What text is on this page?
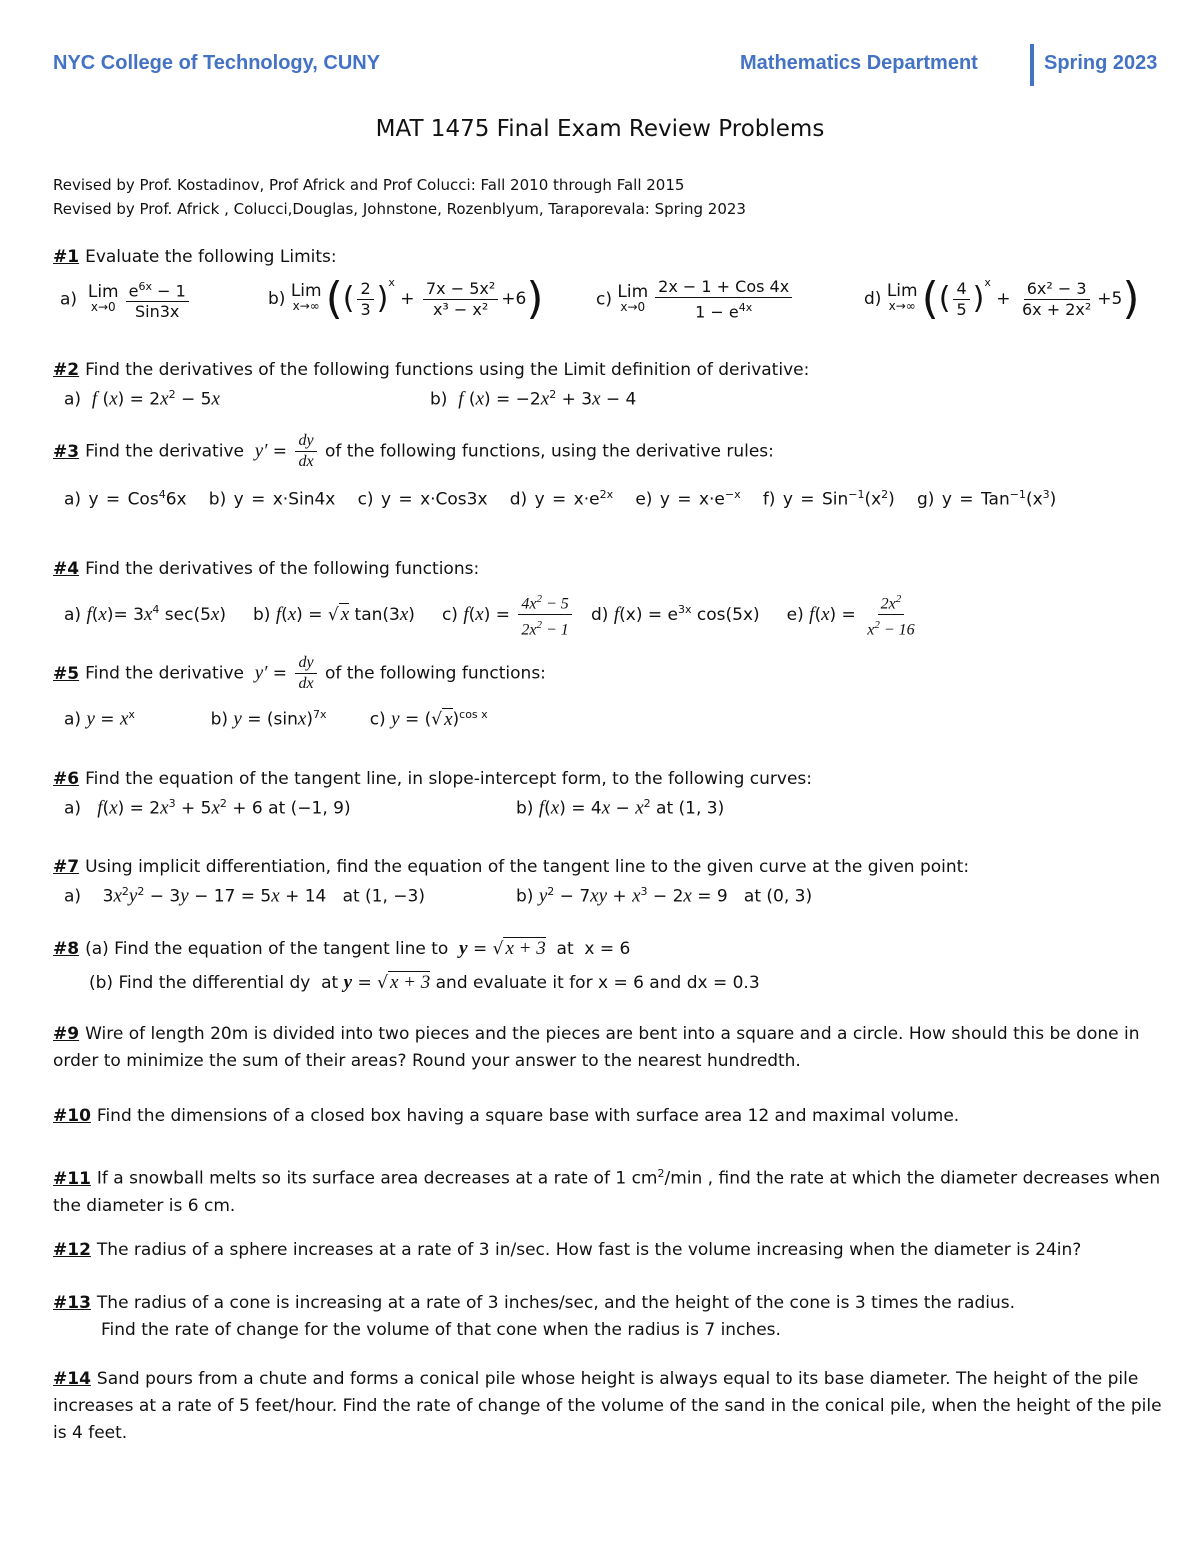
NYC College of Technology, CUNY	Mathematics Department	Spring 2023
MAT 1475 Final Exam Review Problems
Revised by Prof. Kostadinov, Prof Africk and Prof Colucci: Fall 2010 through Fall 2015
Revised by Prof. Africk , Colucci,Douglas, Johnstone, Rozenblyum, Taraporevala: Spring 2023
#1 Evaluate the following Limits:
a) Lim
$x\to 0 \frac{e^{6x} - 1}{\text{Sin3x}}$	b) Lim
x→∞ (( $\frac{2}{3} )^x + \frac{\text{7x − 5x²}}{\text{x³ − x²}} +6$)	c) Lim
$x\to 0 \frac{\text{2x − 1 + Cos 4x}}{1 - e^{4x}}$	d) Lim
x→∞ (( $\frac{4}{5} )^x + \frac{\text{6x² − 3}}{\text{6x + 2x²}} +5$)
#2 Find the derivatives of the following functions using the Limit definition of derivative:
a)  f $(x) = 2x^2 - 5x$	b)  f $(x) = -2x^2 + 3x - 4$
#3 Find the derivative $y' = \frac{dy}{dx}$ of the following functions, using the derivative rules:
a) y = Cos$^4$6x   b) y = x·Sin4x   c) y = x·Cos3x   d) $y = x\cdot e^{2x}$   e) $y = x\cdot e^{-x}$   f) $y = Sin^{-1}(x^2)$   g) $y = Tan^{-1}(x^3)$
#4 Find the derivatives of the following functions:
a) $f(x)= 3x^4$ sec(5x)     b) f(x) = √ x tan(3x)     c) $f(x) = \frac{4x^2 - 5}{2x^2 - 1} d$) $f(x) = e^{3x}$ cos(5x)     e) $f(x) = \frac{2x^2}{x^2 - 16}$
#5 Find the derivative $y' = \frac{dy}{dx}$ of the following functions:
a) $y = x^x$              b) $y = (\sin x)^{7x}$        c) y = (√ x)$^{cos x}$
#6 Find the equation of the tangent line, in slope-intercept form, to the following curves:
a)   $f(x) = 2x^3 + 5x^2 + 6$ at (−1, 9)	b) $f(x) = 4x - x^2$ at (1, 3)
#7 Using implicit differentiation, find the equation of the tangent line to the given curve at the given point:
a)    $3x^2y^2 - 3y - 17 = 5x + 14$   at (1, −3)	b) $y^2 - 7xy + x^3 - 2x = 9$   at (0, 3)
#8 (a) Find the equation of the tangent line to y = √ x + 3 at  x = 6
(b) Find the differential dy  at y = √ x + 3 and evaluate it for x = 6 and dx = 0.3
#9 Wire of length 20m is divided into two pieces and the pieces are bent into a square and a circle. How should this be done in order to minimize the sum of their areas? Round your answer to the nearest hundredth.
#10 Find the dimensions of a closed box having a square base with surface area 12 and maximal volume.
#11 If a snowball melts so its surface area decreases at a rate of 1 $cm^2/\min$ , find the rate at which the diameter decreases when the diameter is 6 cm.
#12 The radius of a sphere increases at a rate of 3 in/sec. How fast is the volume increasing when the diameter is 24in?
#13 The radius of a cone is increasing at a rate of 3 inches/sec, and the height of the cone is 3 times the radius.
Find the rate of change for the volume of that cone when the radius is 7 inches.
#14 Sand pours from a chute and forms a conical pile whose height is always equal to its base diameter. The height of the pile increases at a rate of 5 feet/hour. Find the rate of change of the volume of the sand in the conical pile, when the height of the pile is 4 feet.
